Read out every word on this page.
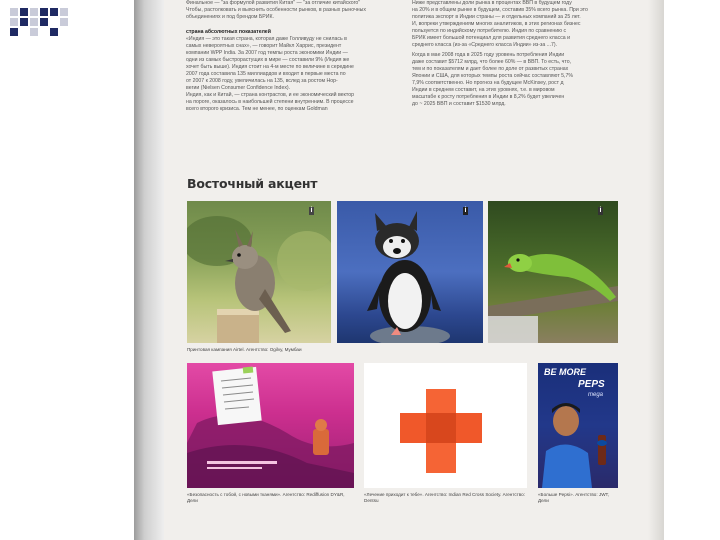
Финальное — "за формулой развития Китая" — "за отличие китайского"

Чтобы, растолковать и выяснить особенности рынков, в разных рыночных

объединениях и под брендом БРИК.

страна абсолютных показателей

«Индия — это такая страна, которая даже Голливуду не снилась в

самых невероятных снах», — говорит Майкл Харрис, президент

компании WPP India. За 2007 год темпы роста экономики Индии —

одни из самых быстрорастущих в мире — составили 9% (Индия же

хочет быть выше). Индия стоит на 4-м месте по величине в середине

2007 года составила 135 миллиардов и входит в первые места по

от 2007 к 2008 году, увеличилась на 135, вслед за ростом Нор-

вегии (Nielsen Consumer Confidence Index).

Индия, как и Китай, — страна контрастов, и ее экономический вектор

на пороге, оказалось в наибольшей степени внутренним. В процессе

всего второго кризиса. Тем не менее, по оценкам Goldman

Ниже представлены доли рынка в процентах ВВП в будущем году

на 20% и в общем рынке в будущем, составив 35% всего рынка. При это

политика экспорт в Индии страны — и отдельных компаний за 25 лет.

И, вопреки утверждениям многих аналитиков, в этих регионах бизнес

пользуется по индийскому потребителю. Индия по сравнению с

БРИК имеет большой потенциал для развития среднего класса и

среднего класса (из-за «Среднего класса Индии» из-за ...7).

Когда в мае 2008 года в 2025 году уровень потребления Индии

даже составит $5712 млрд, что более 60% — в ВВП. То есть, что,

тем и по показателям и дает более по доле от развитых странах

Японии и США, для которых темпы роста сейчас составляют 5,7%

7,9% соответственно. Но прогноз на будущее McKinsey, рост д

Индии в среднем составит, на этих уровнях, т.е. в мировом

масштабе к росту потребления в Индии в 8,2% будет увеличен

до ~ 2025 ВВП и составит $1530 млрд.

Восточный акцент
i	i	i
Принтовая кампания Airtel. Агентство: Ogilvy, Мумбаи
BE MORE
PEPS
mega
«Безопасность с тобой, с новыми тканями». Агентство: Rediffusion DY&R, Дели
«Лечение приходит к тебе». Агентство: Indian Red Cross Society. Агентство: Dentsu
«Больше Pepsi». Агентство: JWT, Дели
